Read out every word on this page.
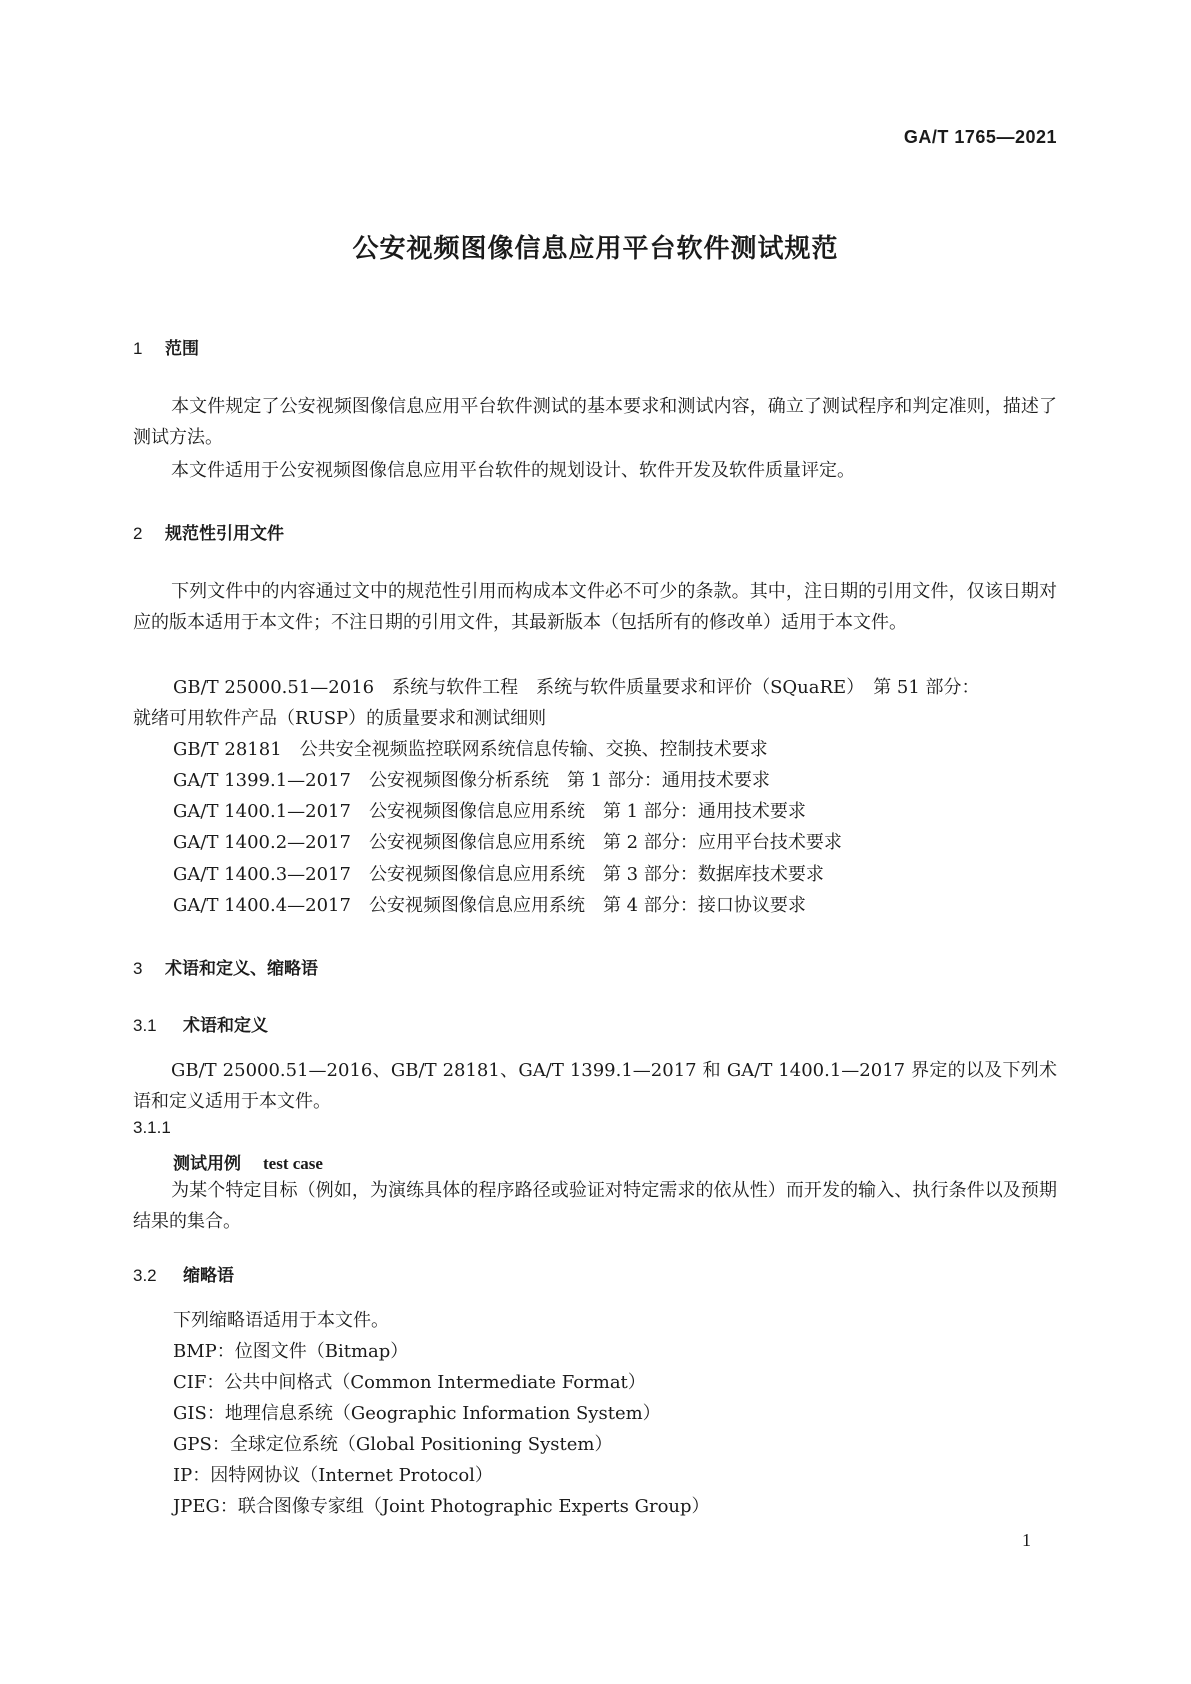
GA/T 1765—2021
公安视频图像信息应用平台软件测试规范
1 范围
本文件规定了公安视频图像信息应用平台软件测试的基本要求和测试内容，确立了测试程序和判定准则，描述了测试方法。
本文件适用于公安视频图像信息应用平台软件的规划设计、软件开发及软件质量评定。
2 规范性引用文件
下列文件中的内容通过文中的规范性引用而构成本文件必不可少的条款。其中，注日期的引用文件，仅该日期对应的版本适用于本文件；不注日期的引用文件，其最新版本（包括所有的修改单）适用于本文件。
GB/T 25000.51—2016　系统与软件工程　系统与软件质量要求和评价（SQuaRE）　第 51 部分：
就绪可用软件产品（RUSP）的质量要求和测试细则
GB/T 28181　公共安全视频监控联网系统信息传输、交换、控制技术要求
GA/T 1399.1—2017　公安视频图像分析系统　第 1 部分：通用技术要求
GA/T 1400.1—2017　公安视频图像信息应用系统　第 1 部分：通用技术要求
GA/T 1400.2—2017　公安视频图像信息应用系统　第 2 部分：应用平台技术要求
GA/T 1400.3—2017　公安视频图像信息应用系统　第 3 部分：数据库技术要求
GA/T 1400.4—2017　公安视频图像信息应用系统　第 4 部分：接口协议要求
3 术语和定义、缩略语
3.1 术语和定义
GB/T 25000.51—2016、GB/T 28181、GA/T 1399.1—2017 和 GA/T 1400.1—2017 界定的以及下列术语和定义适用于本文件。
3.1.1
测试用例 test case
为某个特定目标（例如，为演练具体的程序路径或验证对特定需求的依从性）而开发的输入、执行条件以及预期结果的集合。
3.2 缩略语
下列缩略语适用于本文件。
BMP：位图文件（Bitmap）
CIF：公共中间格式（Common Intermediate Format）
GIS：地理信息系统（Geographic Information System）
GPS：全球定位系统（Global Positioning System）
IP：因特网协议（Internet Protocol）
JPEG：联合图像专家组（Joint Photographic Experts Group）
1
